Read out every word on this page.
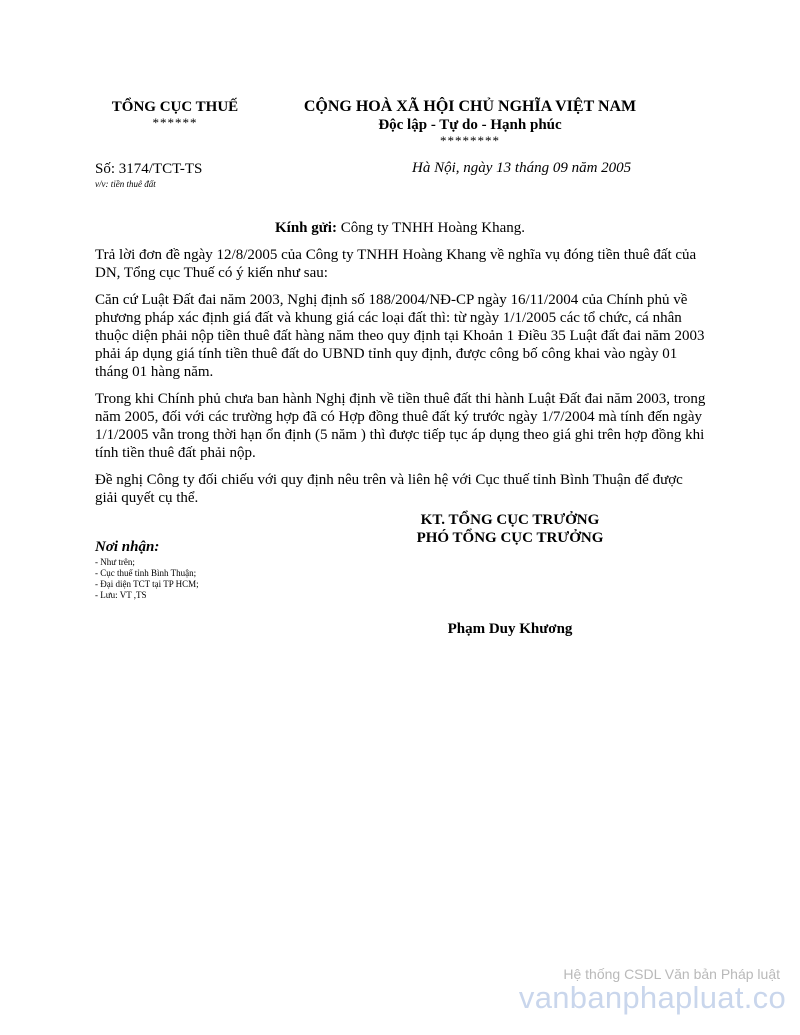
TỔNG CỤC THUẾ
******
CỘNG HOÀ XÃ HỘI CHỦ NGHĨA VIỆT NAM
Độc lập - Tự do - Hạnh phúc
********
Số: 3174/TCT-TS
v/v: tiền thuê đất
Hà Nội, ngày 13 tháng 09 năm 2005
Kính gửi: Công ty TNHH Hoàng Khang.
Trả lời đơn đề ngày 12/8/2005 của Công ty TNHH Hoàng Khang về nghĩa vụ đóng tiền thuê đất của DN, Tổng cục Thuế có ý kiến như sau:
Căn cứ Luật Đất đai năm 2003, Nghị định số 188/2004/NĐ-CP ngày 16/11/2004 của Chính phủ về phương pháp xác định giá đất và khung giá các loại đất thì: từ ngày 1/1/2005 các tổ chức, cá nhân thuộc diện phải nộp tiền thuê đất hàng năm theo quy định tại Khoản 1 Điều 35 Luật đất đai năm 2003 phải áp dụng giá tính tiền thuê đất do UBND tỉnh quy định, được công bố công khai vào ngày 01 tháng 01 hàng năm.
Trong khi Chính phủ chưa ban hành Nghị định về tiền thuê đất thi hành Luật Đất đai năm 2003, trong năm 2005, đối với các trường hợp đã có Hợp đồng thuê đất ký trước ngày 1/7/2004 mà tính đến ngày 1/1/2005 vẫn trong thời hạn ổn định (5 năm ) thì được tiếp tục áp dụng theo giá ghi trên hợp đồng khi tính tiền thuê đất phải nộp.
Đề nghị Công ty đối chiếu với quy định nêu trên và liên hệ với Cục thuế tỉnh Bình Thuận để được giải quyết cụ thể.
KT. TỔNG CỤC TRƯỞNG
PHÓ TỔNG CỤC TRƯỞNG
Nơi nhận:
- Như trên;
- Cục thuế tỉnh Bình Thuận;
- Đại diện TCT tại TP HCM;
- Lưu: VT ,TS
Phạm Duy Khương
Hệ thống CSDL Văn bản Pháp luật
vanbanphapluat.co
